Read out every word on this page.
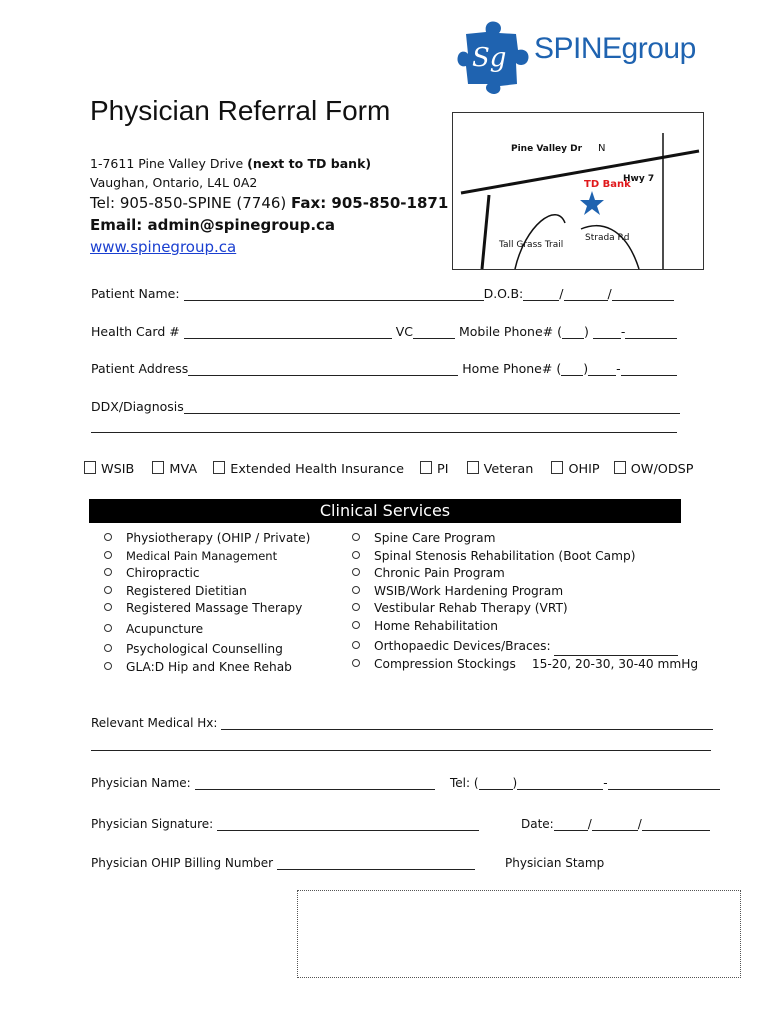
Sg SPINEgroup
Physician Referral Form
1-7611 Pine Valley Drive (next to TD bank)
Vaughan, Ontario, L4L 0A2
Tel: 905-850-SPINE (7746) Fax: 905-850-1871
Email: admin@spinegroup.ca
www.spinegroup.ca
Pine Valley Dr N
Hwy 7
TD Bank
Strada Rd
Tall Grass Trail
Patient Name:	D.O.B:	/	/
Health Card #	VC	Mobile Phone# ( ) -
Patient Address	Home Phone# ( ) -
DDX/Diagnosis
WSIB	MVA	Extended Health Insurance	PI	Veteran	OHIP OW/ODSP
Clinical Services
Physiotherapy (OHIP / Private)
Medical Pain Management
Chiropractic
Registered Dietitian
Registered Massage Therapy
Acupuncture
Psychological Counselling
GLA:D Hip and Knee Rehab
Spine Care Program
Spinal Stenosis Rehabilitation (Boot Camp)
Chronic Pain Program
WSIB/Work Hardening Program
Vestibular Rehab Therapy (VRT)
Home Rehabilitation
Orthopaedic Devices/Braces:
Compression Stockings 15-20, 20-30, 30-40 mmHg
Relevant Medical Hx:
Physician Name:	Tel: (	)	-
Physician Signature:	Date:	/	/
Physician OHIP Billing Number	Physician Stamp
